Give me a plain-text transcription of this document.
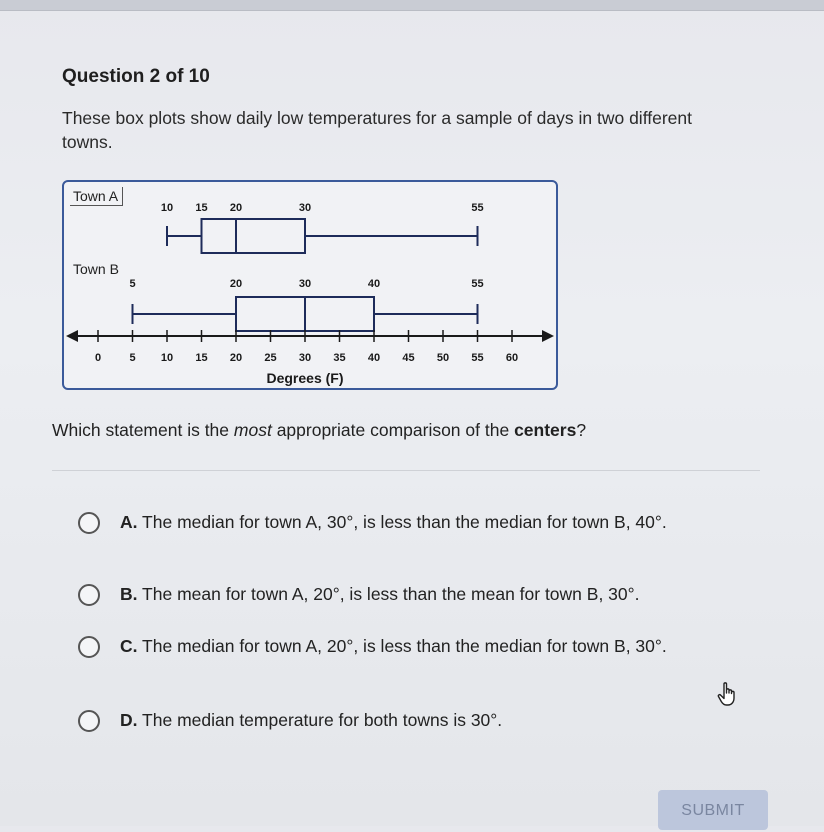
Question 2 of 10
These box plots show daily low temperatures for a sample of days in two different towns.
10 15 20	30	55
5	20	30	40	55
0	5 10 15 20 25 30 35 40 45 50 55 60
Degrees (F)
Town A
Town B
Which statement is the most appropriate comparison of the centers?
A. The median for town A, 30°, is less than the median for town B, 40°.
B. The mean for town A, 20°, is less than the mean for town B, 30°.
C. The median for town A, 20°, is less than the median for town B, 30°.
D. The median temperature for both towns is 30°.
SUBMIT
